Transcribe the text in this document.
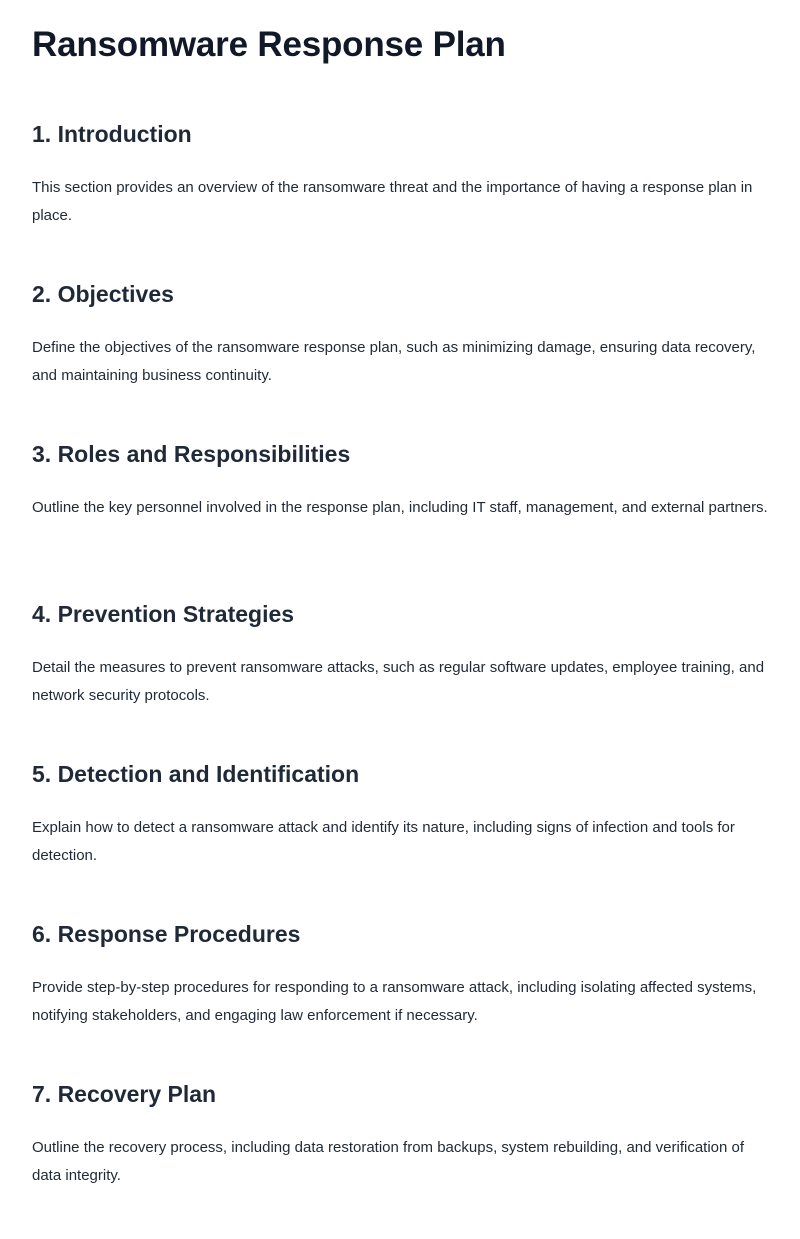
Ransomware Response Plan
1. Introduction

This section provides an overview of the ransomware threat and the importance of having a response plan in place.

2. Objectives

Define the objectives of the ransomware response plan, such as minimizing damage, ensuring data recovery, and maintaining business continuity.

3. Roles and Responsibilities

Outline the key personnel involved in the response plan, including IT staff, management, and external partners.

4. Prevention Strategies

Detail the measures to prevent ransomware attacks, such as regular software updates, employee training, and network security protocols.

5. Detection and Identification

Explain how to detect a ransomware attack and identify its nature, including signs of infection and tools for detection.

6. Response Procedures

Provide step-by-step procedures for responding to a ransomware attack, including isolating affected systems, notifying stakeholders, and engaging law enforcement if necessary.

7. Recovery Plan

Outline the recovery process, including data restoration from backups, system rebuilding, and verification of data integrity.
